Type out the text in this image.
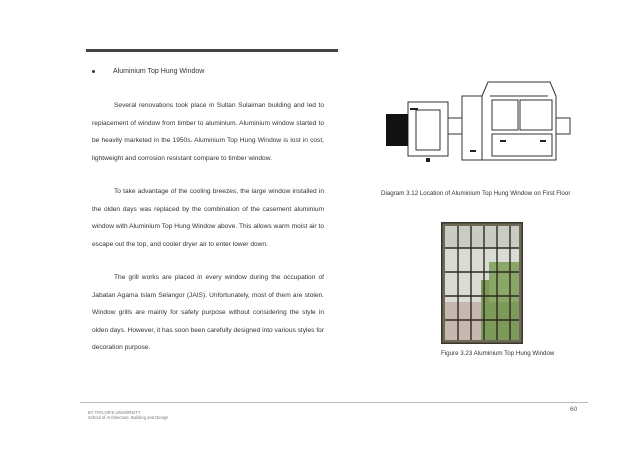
Aluminium Top Hung Window
Several renovations took place in Sultan Sulaiman building and led to replacement of window from timber to aluminium. Aluminium window started to be heavily marketed in the 1950s. Aluminium Top Hung Window is lost in cost, lightweight and corrosion resistant compare to timber window.
To take advantage of the cooling breezes, the large window installed in the olden days was replaced by the combination of the casement aluminium window with Aluminium Top Hung Window above. This allows warm moist air to escape out the top, and cooler dryer air to enter lower down.
The grill works are placed in every window during the occupation of Jabatan Agama Islam Selangor (JAIS). Unfortunately, most of them are stolen. Window grills are mainly for safety purpose without considering the style in olden days. However, it has soon been carefully designed into various styles for decoration purpose.
Diagram 3.12 Location of Aluminium Top Hung Window on First Floor
Figure 3.23 Aluminium Top Hung Window
60
BY TAYLOR'S UNIVERSITY
School of Architecture, Building and Design
